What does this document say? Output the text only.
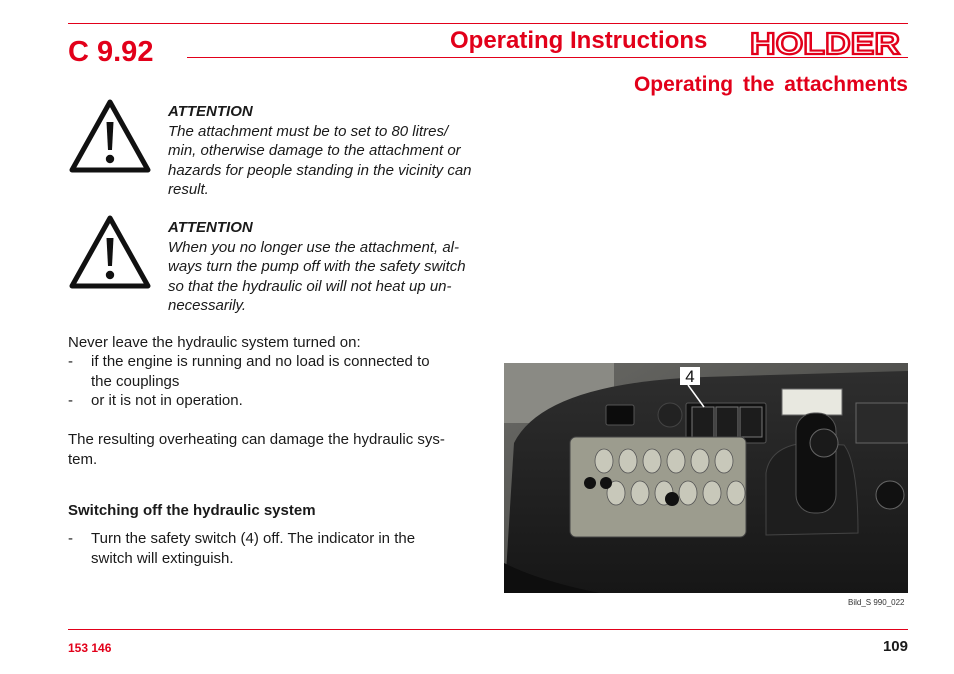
C 9.92	Operating Instructions HOLDER
Operating the attachments
ATTENTION
The attachment must be to set to 80 litres/
min, otherwise damage to the attachment or
hazards for people standing in the vicinity can
result.
ATTENTION
When you no longer use the attachment, al-
ways turn the pump off with the safety switch
so that the hydraulic oil will not heat up un-
necessarily.
Never leave the hydraulic system turned on:
- if the engine is running and no load is connected to
the couplings
- or it is not in operation.
The resulting overheating can damage the hydraulic sys-
tem.
Switching off the hydraulic system
- Turn the safety switch (4) off. The indicator in the
switch will extinguish.
4
Bild_S 990_022
153 146	109
